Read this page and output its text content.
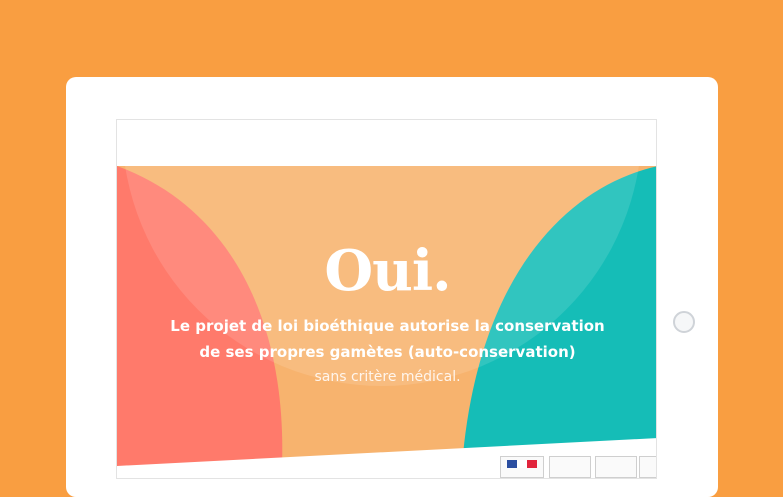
Oui.
Le projet de loi bioéthique autorise la conservation
de ses propres gamètes (auto-conservation)
sans critère médical.
